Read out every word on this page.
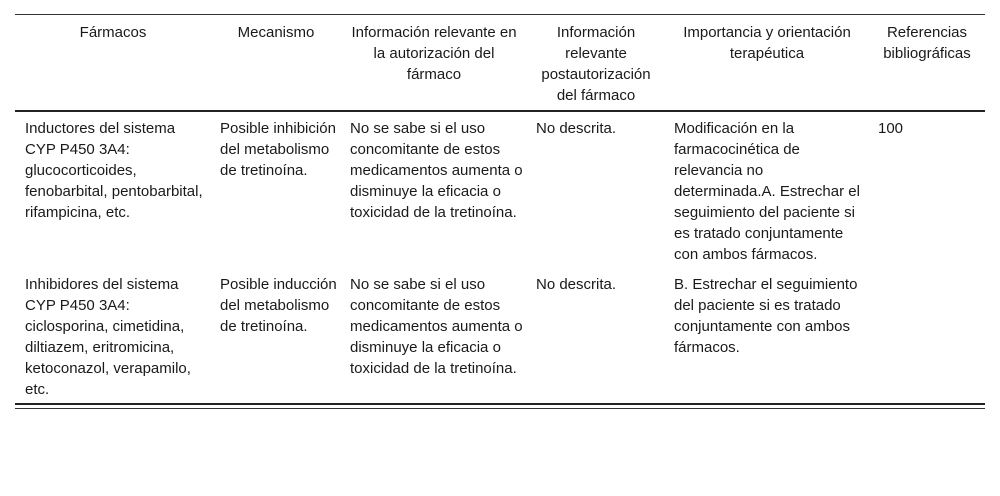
Fármacos	Mecanismo	Información relevante en la autorización del fármaco	Información relevante postautorización del fármaco	Importancia y orientación terapéutica	Referencias bibliográficas
Inductores del sistema CYP P450 3A4: glucocorticoides, fenobarbital, pentobarbital, rifampicina, etc.	Posible inhibición del metabolismo de tretinoína.	No se sabe si el uso concomitante de estos medicamentos aumenta o disminuye la eficacia o toxicidad de la tretinoína.	No descrita.	Modificación en la farmacocinética de relevancia no determinada.A. Estrechar el seguimiento del paciente si es tratado conjuntamente con ambos fármacos.	100
Inhibidores del sistema CYP P450 3A4: ciclosporina, cimetidina, diltiazem, eritromicina, ketoconazol, verapamilo, etc.	Posible inducción del metabolismo de tretinoína.	No se sabe si el uso concomitante de estos medicamentos aumenta o disminuye la eficacia o toxicidad de la tretinoína.	No descrita.	B. Estrechar el seguimiento del paciente si es tratado conjuntamente con ambos fármacos.	
